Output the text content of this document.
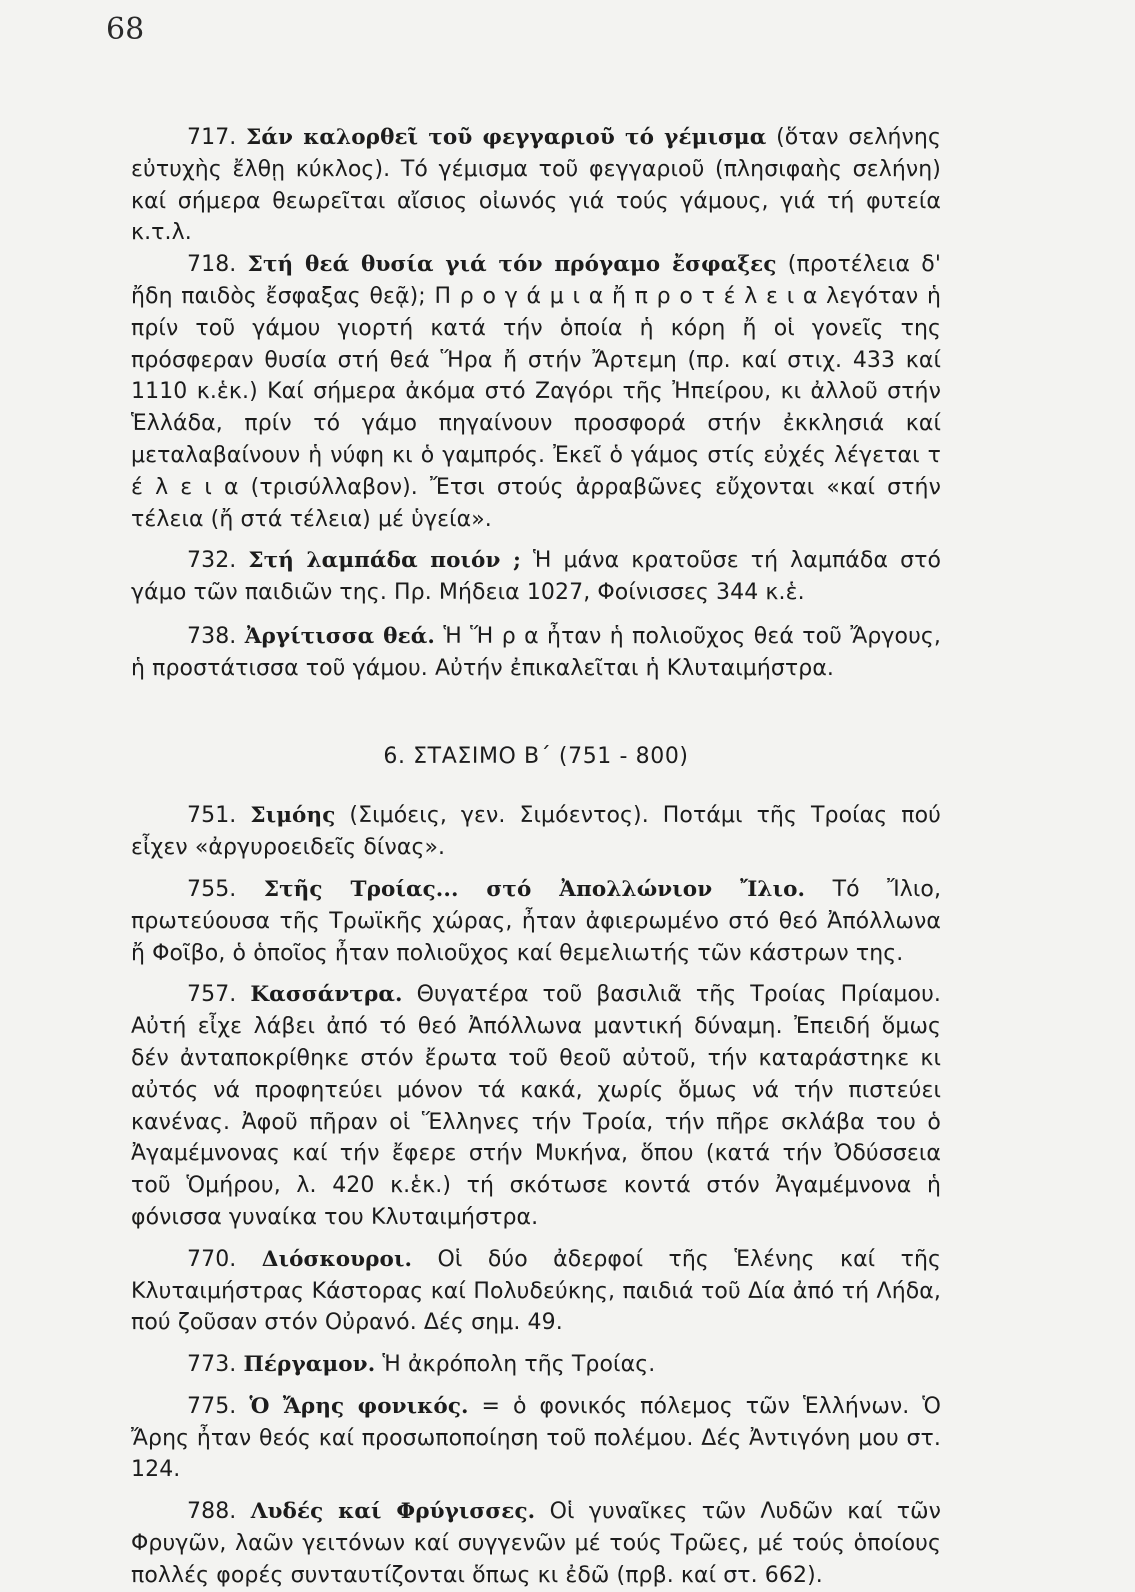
68

717. Σάν καλορθεῖ τοῦ φεγγαριοῦ τό γέμισμα (ὅταν σελήνης εὐτυχὴς ἔλθῃ κύκλος). Τό γέμισμα τοῦ φεγγαριοῦ (πλησιφαὴς σελήνη) καί σήμερα θεωρεῖται αἴσιος οἰωνός γιά τούς γάμους, γιά τή φυτεία κ.τ.λ.

718. Στή θεά θυσία γιά τόν πρόγαμο ἔσφαξες (προτέλεια δ' ἤδη παιδὸς ἔσφαξας θεᾷ); Π ρ ο γ ά μ ι α ἤ π ρ ο τ έ λ ε ι α λεγόταν ἡ πρίν τοῦ γάμου γιορτή κατά τήν ὁποία ἡ κόρη ἤ οἱ γονεῖς της πρόσφεραν θυσία στή θεά Ἥρα ἤ στήν Ἄρτεμη (πρ. καί στιχ. 433 καί 1110 κ.ἑκ.) Καί σήμερα ἀκόμα στό Ζαγόρι τῆς Ἠπείρου, κι ἀλλοῦ στήν Ἑλλάδα, πρίν τό γάμο πηγαίνουν προσφορά στήν ἐκκλησιά καί μεταλαβαίνουν ἡ νύφη κι ὁ γαμπρός. Ἐκεῖ ὁ γάμος στίς εὐχές λέγεται τ έ λ ε ι α (τρισύλλαβον). Ἔτσι στούς ἀρραβῶνες εὔχονται «καί στήν τέλεια (ἤ στά τέλεια) μέ ὑγεία».

732. Στή λαμπάδα ποιόν ; Ἡ μάνα κρατοῦσε τή λαμπάδα στό γάμο τῶν παιδιῶν της. Πρ. Μήδεια 1027, Φοίνισσες 344 κ.ἑ.

738. Ἀργίτισσα θεά. Ἡ Ἥ ρ α ἦταν ἡ πολιοῦχος θεά τοῦ Ἄργους, ἡ προστάτισσα τοῦ γάμου. Αὐτήν ἐπικαλεῖται ἡ Κλυταιμήστρα.

6. ΣΤΑΣΙΜΟ Β΄ (751 - 800)

751. Σιμόης (Σιμόεις, γεν. Σιμόεντος). Ποτάμι τῆς Τροίας πού εἶχεν «ἀργυροειδεῖς δίνας».

755. Στῆς Τροίας... στό Ἀπολλώνιον Ἴλιο. Τό Ἴλιο, πρωτεύουσα τῆς Τρωϊκῆς χώρας, ἦταν ἀφιερωμένο στό θεό Ἀπόλλωνα ἤ Φοῖβο, ὁ ὁποῖος ἦταν πολιοῦχος καί θεμελιωτής τῶν κάστρων της.

757. Κασσάντρα. Θυγατέρα τοῦ βασιλιᾶ τῆς Τροίας Πρίαμου. Αὐτή εἶχε λάβει ἀπό τό θεό Ἀπόλλωνα μαντική δύναμη. Ἐπειδή ὅμως δέν ἀνταποκρίθηκε στόν ἔρωτα τοῦ θεοῦ αὐτοῦ, τήν καταράστηκε κι αὐτός νά προφητεύει μόνον τά κακά, χωρίς ὅμως νά τήν πιστεύει κανένας. Ἀφοῦ πῆραν οἱ Ἕλληνες τήν Τροία, τήν πῆρε σκλάβα του ὁ Ἀγαμέμνονας καί τήν ἔφερε στήν Μυκήνα, ὅπου (κατά τήν Ὀδύσσεια τοῦ Ὁμήρου, λ. 420 κ.ἑκ.) τή σκότωσε κοντά στόν Ἀγαμέμνονα ἡ φόνισσα γυναίκα του Κλυταιμήστρα.

770. Διόσκουροι. Οἱ δύο ἀδερφοί τῆς Ἑλένης καί τῆς Κλυταιμήστρας Κάστορας καί Πολυδεύκης, παιδιά τοῦ Δία ἀπό τή Λήδα, πού ζοῦσαν στόν Οὐρανό. Δές σημ. 49.

773. Πέργαμον. Ἡ ἀκρόπολη τῆς Τροίας.

775. Ὁ Ἄρης φονικός. = ὁ φονικός πόλεμος τῶν Ἑλλήνων. Ὁ Ἄρης ἦταν θεός καί προσωποποίηση τοῦ πολέμου. Δές Ἀντιγόνη μου στ. 124.

788. Λυδές καί Φρύγισσες. Οἱ γυναῖκες τῶν Λυδῶν καί τῶν Φρυγῶν, λαῶν γειτόνων καί συγγενῶν μέ τούς Τρῶες, μέ τούς ὁποίους πολλές φορές συνταυτίζονται ὅπως κι ἐδῶ (πρβ. καί στ. 662).
